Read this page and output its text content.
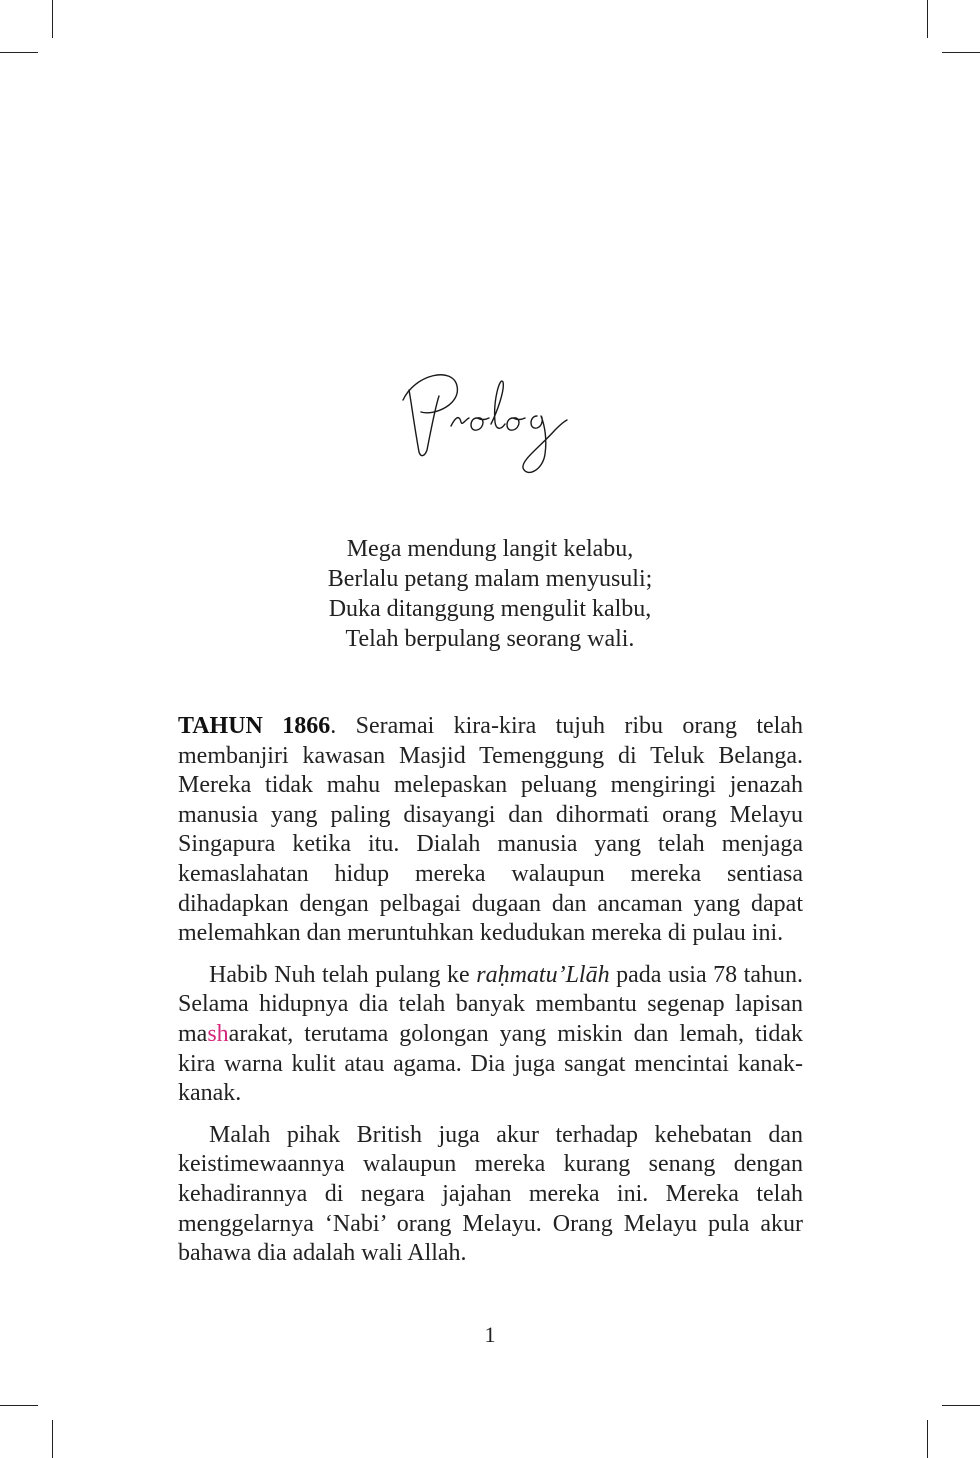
Mega mendung langit kelabu,
Berlalu petang malam menyusuli;
Duka ditanggung mengulit kalbu,
Telah berpulang seorang wali.

TAHUN 1866. Seramai kira-kira tujuh ribu orang telah membanjiri kawasan Masjid Temenggung di Teluk Belanga. Mereka tidak mahu melepaskan peluang mengiringi jenazah manusia yang paling disayangi dan dihormati orang Melayu Singapura ketika itu. Dialah manusia yang telah menjaga kemaslahatan hidup mereka walaupun mereka sentiasa dihadapkan dengan pelbagai dugaan dan ancaman yang dapat melemahkan dan meruntuhkan kedudukan mereka di pulau ini.

Habib Nuh telah pulang ke raḥmatu’Llāh pada usia 78 tahun. Selama hidupnya dia telah banyak membantu segenap lapisan masharakat, terutama golongan yang miskin dan lemah, tidak kira warna kulit atau agama. Dia juga sangat mencintai kanak-kanak.

Malah pihak British juga akur terhadap kehebatan dan keistimewaannya walaupun mereka kurang senang dengan kehadirannya di negara jajahan mereka ini. Mereka telah menggelarnya ‘Nabi’ orang Melayu. Orang Melayu pula akur bahawa dia adalah wali Allah.

1
